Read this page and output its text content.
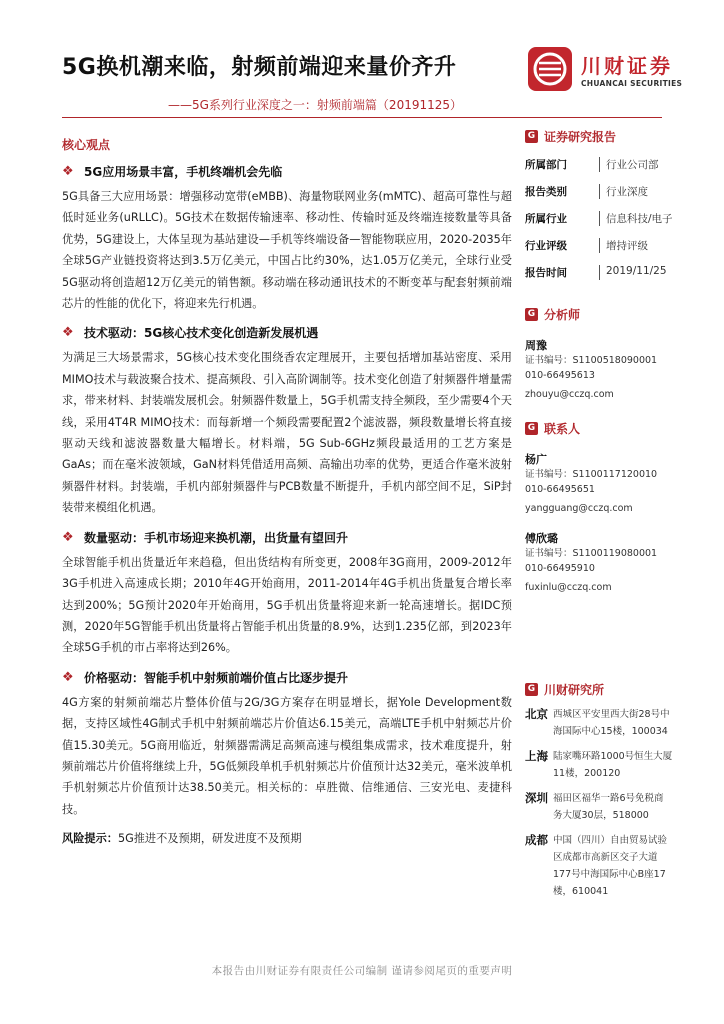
5G换机潮来临，射频前端迎来量价齐升
——5G系列行业深度之一：射频前端篇（20191125）
川财证券
CHUANCAI SECURITIES
核心观点
❖ 5G应用场景丰富，手机终端机会先临

5G具备三大应用场景：增强移动宽带(eMBB)、海量物联网业务(mMTC)、超高可靠性与超低时延业务(uRLLC)。5G技术在数据传输速率、移动性、传输时延及终端连接数量等具备优势，5G建设上，大体呈现为基站建设—手机等终端设备—智能物联应用，2020-2035年全球5G产业链投资将达到3.5万亿美元，中国占比约30%，达1.05万亿美元，全球行业受5G驱动将创造超12万亿美元的销售额。移动端在移动通讯技术的不断变革与配套射频前端芯片的性能的优化下，将迎来先行机遇。

❖ 技术驱动：5G核心技术变化创造新发展机遇

为满足三大场景需求，5G核心技术变化围绕香农定理展开，主要包括增加基站密度、采用MIMO技术与载波聚合技术、提高频段、引入高阶调制等。技术变化创造了射频器件增量需求，带来材料、封装端发展机会。射频器件数量上，5G手机需支持全频段，至少需要4个天线，采用4T4R MIMO技术：而每新增一个频段需要配置2个滤波器，频段数量增长将直接驱动天线和滤波器数量大幅增长。材料端，5G Sub-6GHz频段最适用的工艺方案是GaAs；而在毫米波领域，GaN材料凭借适用高频、高输出功率的优势，更适合作毫米波射频器件材料。封装端，手机内部射频器件与PCB数量不断提升，手机内部空间不足，SiP封装带来模组化机遇。

❖ 数量驱动：手机市场迎来换机潮，出货量有望回升

全球智能手机出货量近年来趋稳，但出货结构有所变更，2008年3G商用，2009-2012年3G手机进入高速成长期；2010年4G开始商用，2011-2014年4G手机出货量复合增长率达到200%；5G预计2020年开始商用，5G手机出货量将迎来新一轮高速增长。据IDC预测，2020年5G智能手机出货量将占智能手机出货量的8.9%，达到1.235亿部，到2023年全球5G手机的市占率将达到26%。

❖ 价格驱动：智能手机中射频前端价值占比逐步提升

4G方案的射频前端芯片整体价值与2G/3G方案存在明显增长，据Yole Development数据，支持区域性4G制式手机中射频前端芯片价值达6.15美元，高端LTE手机中射频芯片价值15.30美元。5G商用临近，射频器需满足高频高速与模组集成需求，技术难度提升，射频前端芯片价值将继续上升，5G低频段单机手机射频芯片价值预计达32美元，毫米波单机手机射频芯片价值预计达38.50美元。相关标的：卓胜微、信维通信、三安光电、麦捷科技。

风险提示：5G推进不及预期，研发进度不及预期
G 证券研究报告
所属部门	行业公司部
报告类别	行业深度
所属行业	信息科技/电子
行业评级	增持评级
报告时间	2019/11/25
G 分析师
周豫
证书编号：S1100518090001
010-66495613
zhouyu@cczq.com
G 联系人
杨广
证书编号：S1100117120010
010-66495651
yangguang@cczq.com
傅欣璐
证书编号：S1100119080001
010-66495910
fuxinlu@cczq.com
G 川财研究所
北京 西城区平安里西大街28号中海国际中心15楼，100034
上海 陆家嘴环路1000号恒生大厦11楼，200120
深圳 福田区福华一路6号免税商务大厦30层，518000
成都 中国（四川）自由贸易试验区成都市高新区交子大道177号中海国际中心B座17楼，610041
本报告由川财证券有限责任公司编制 谨请参阅尾页的重要声明
